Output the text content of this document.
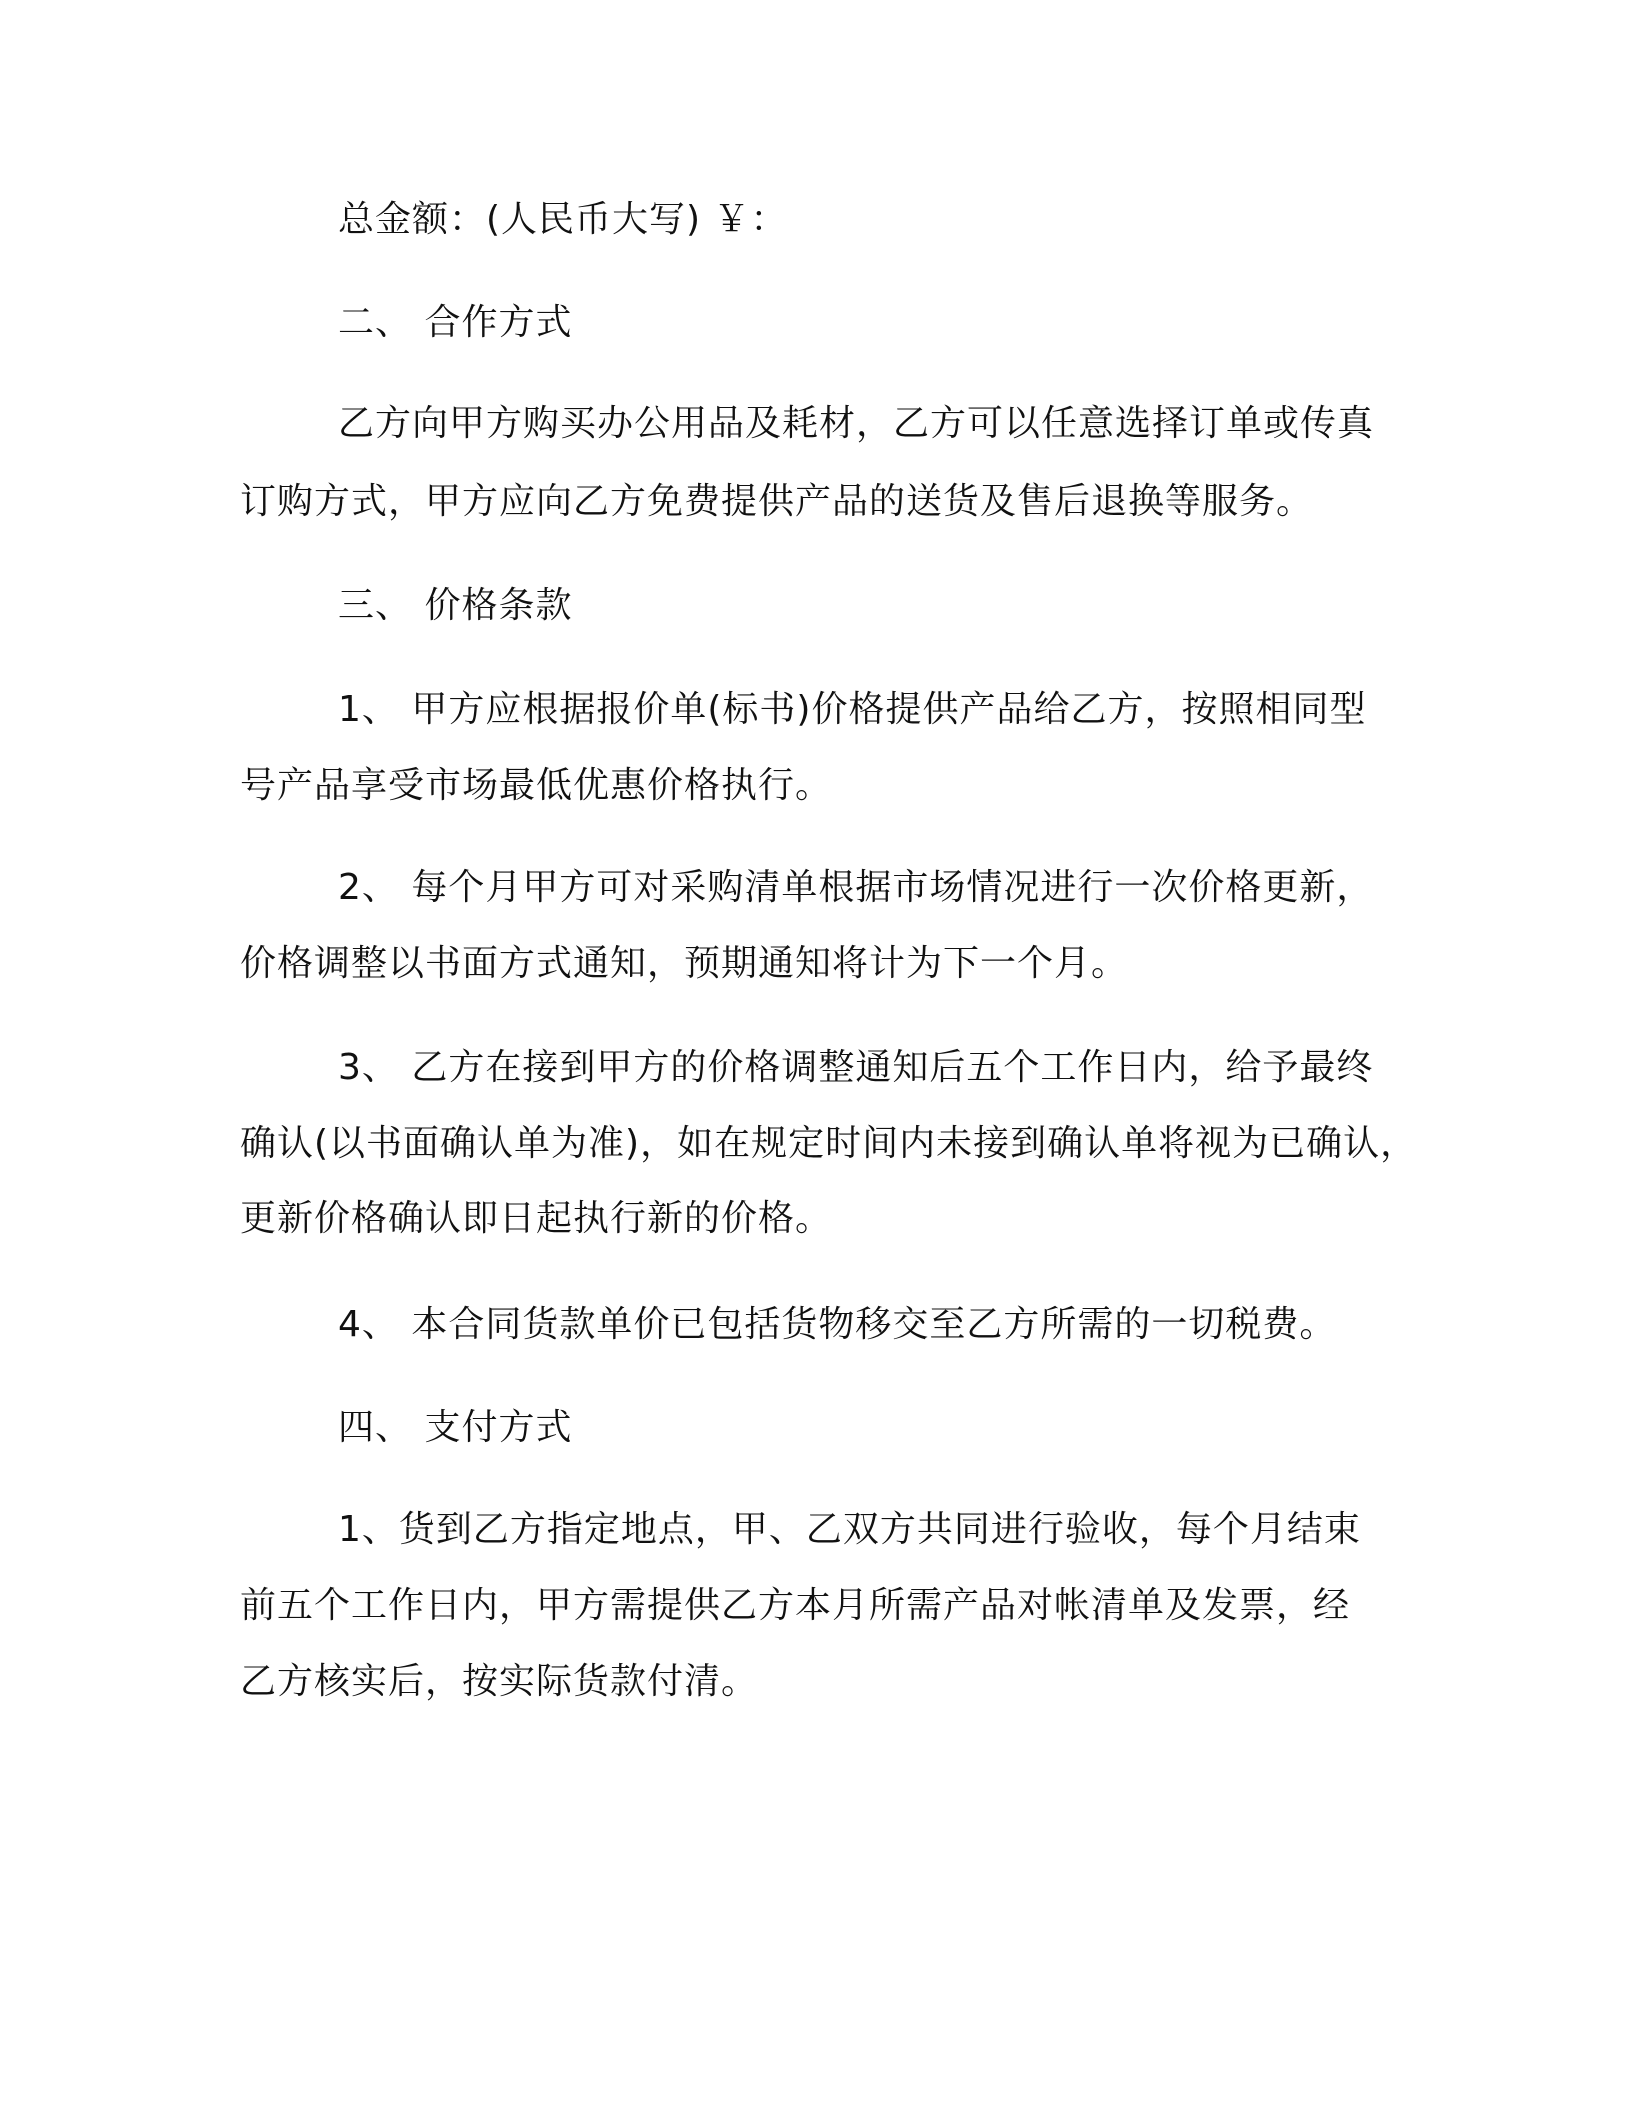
总金额：(人民币大写) ￥：

二、 合作方式

乙方向甲方购买办公用品及耗材，乙方可以任意选择订单或传真

订购方式，甲方应向乙方免费提供产品的送货及售后退换等服务。

三、 价格条款

1、 甲方应根据报价单(标书)价格提供产品给乙方，按照相同型

号产品享受市场最低优惠价格执行。

2、 每个月甲方可对采购清单根据市场情况进行一次价格更新，

价格调整以书面方式通知，预期通知将计为下一个月。

3、 乙方在接到甲方的价格调整通知后五个工作日内，给予最终

确认(以书面确认单为准)，如在规定时间内未接到确认单将视为已确认，

更新价格确认即日起执行新的价格。

4、 本合同货款单价已包括货物移交至乙方所需的一切税费。

四、 支付方式

1、货到乙方指定地点，甲、乙双方共同进行验收，每个月结束

前五个工作日内，甲方需提供乙方本月所需产品对帐清单及发票，经

乙方核实后，按实际货款付清。
